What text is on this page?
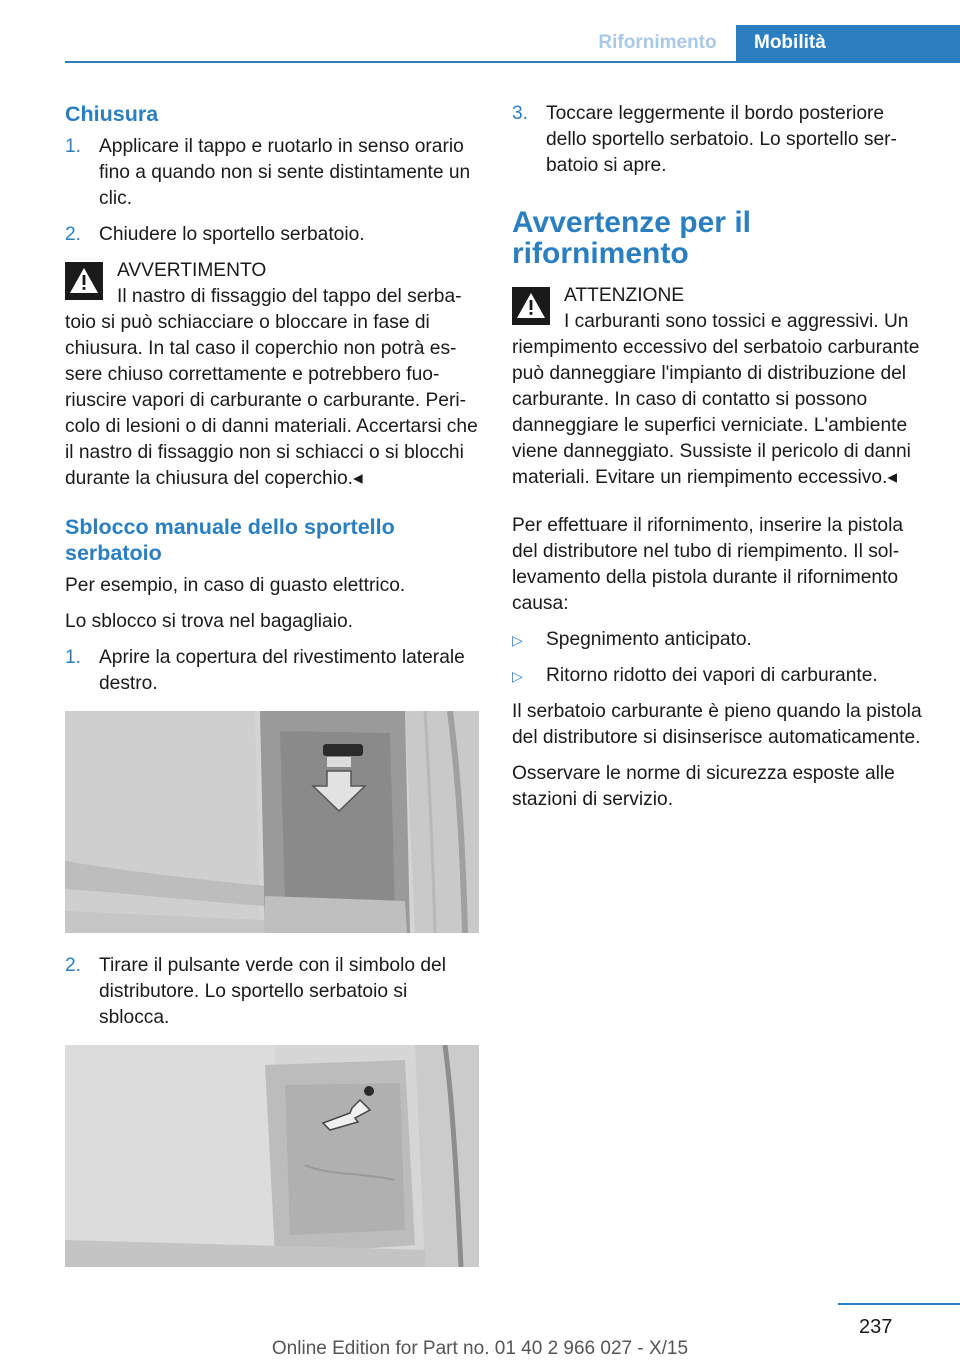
Rifornimento	Mobilità
Chiusura
1. Applicare il tappo e ruotarlo in senso orario fino a quando non si sente distintamente un clic.
2. Chiudere lo sportello serbatoio.
AVVERTIMENTO
Il nastro di fissaggio del tappo del serbatoio si può schiacciare o bloccare in fase di chiusura. In tal caso il coperchio non potrà essere chiuso correttamente e potrebbero fuoriuscire vapori di carburante o carburante. Pericolo di lesioni o di danni materiali. Accertarsi che il nastro di fissaggio non si schiacci o si blocchi durante la chiusura del coperchio.◂
Sblocco manuale dello sportello serbatoio

Per esempio, in caso di guasto elettrico.

Lo sblocco si trova nel bagagliaio.

1. Aprire la copertura del rivestimento laterale destro.
2. Tirare il pulsante verde con il simbolo del distributore. Lo sportello serbatoio si sblocca.
3. Toccare leggermente il bordo posteriore dello sportello serbatoio. Lo sportello serbatoio si apre.
Avvertenze per il rifornimento
ATTENZIONE
I carburanti sono tossici e aggressivi. Un riempimento eccessivo del serbatoio carburante può danneggiare l'impianto di distribuzione del carburante. In caso di contatto si possono danneggiare le superfici verniciate. L'ambiente viene danneggiato. Sussiste il pericolo di danni materiali. Evitare un riempimento eccessivo.◂

Per effettuare il rifornimento, inserire la pistola del distributore nel tubo di riempimento. Il sollevamento della pistola durante il rifornimento causa:

▷	Spegnimento anticipato.
▷	Ritorno ridotto dei vapori di carburante.

Il serbatoio carburante è pieno quando la pistola del distributore si disinserisce automaticamente.

Osservare le norme di sicurezza esposte alle stazioni di servizio.

237
Online Edition for Part no. 01 40 2 966 027 - X/15
